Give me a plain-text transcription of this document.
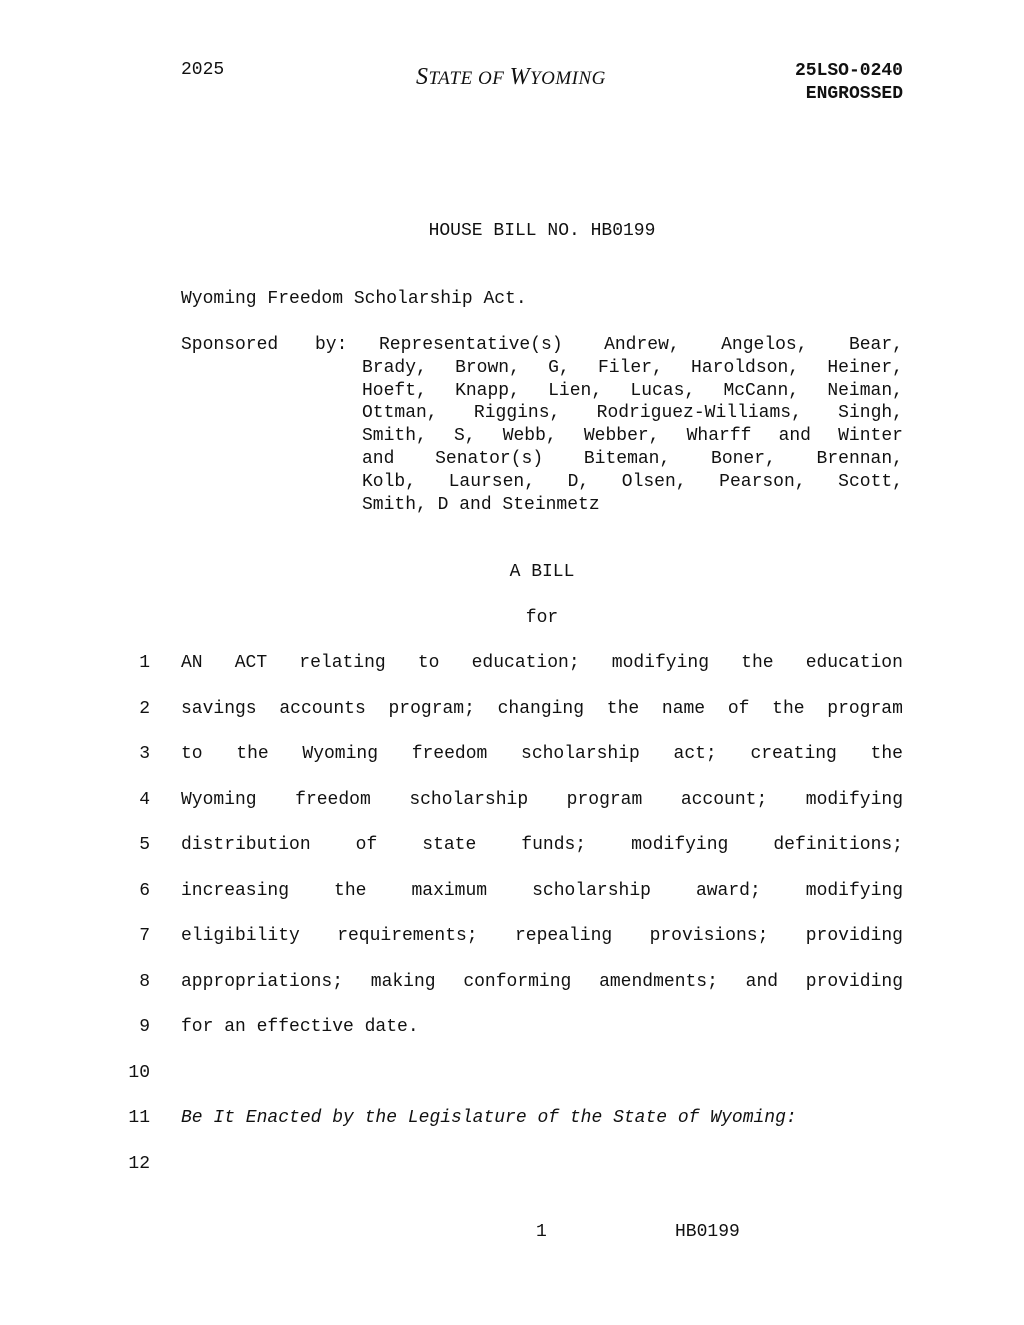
2025	STATE OF WYOMING	25LSO-0240
ENGROSSED
HOUSE BILL NO. HB0199
Wyoming Freedom Scholarship Act.
Sponsored by: Representative(s) Andrew, Angelos, Bear,
Brady, Brown, G, Filer, Haroldson, Heiner,
Hoeft, Knapp, Lien, Lucas, McCann, Neiman,
Ottman, Riggins, Rodriguez-Williams, Singh,
Smith, S, Webb, Webber, Wharff and Winter
and Senator(s) Biteman, Boner, Brennan,
Kolb, Laursen, D, Olsen, Pearson, Scott,
Smith, D and Steinmetz
A BILL
for
1 AN ACT relating to education; modifying the education
2 savings accounts program; changing the name of the program
3 to the Wyoming freedom scholarship act; creating the
4 Wyoming freedom scholarship program account; modifying
5 distribution	of	state	funds;	modifying	definitions;
6 increasing	the	maximum	scholarship	award;	modifying
7 eligibility requirements; repealing provisions; providing
8 appropriations; making conforming amendments; and providing
9 for an effective date.
10
11 Be It Enacted by the Legislature of the State of Wyoming:
12
1	HB0199
